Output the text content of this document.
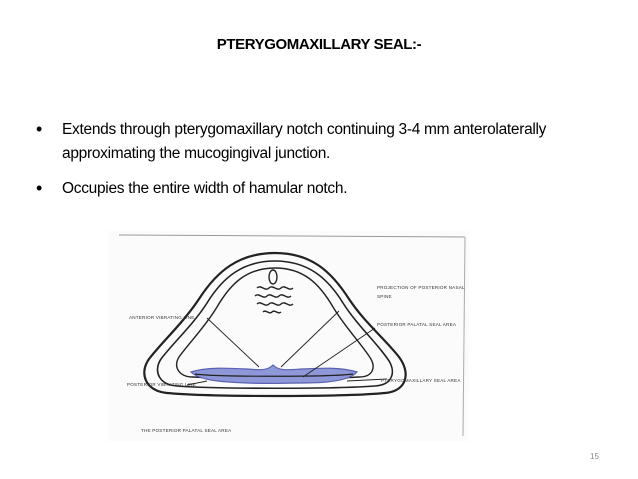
PTERYGOMAXILLARY SEAL:-
• Extends through pterygomaxillary notch continuing 3-4 mm anterolaterally approximating the mucogingival junction.
• Occupies the entire width of hamular notch.
PROJECTION OF POSTERIOR NASAL
SPINE
ANTERIOR VIBRATING LINE
POSTERIOR PALATAL SEAL AREA
POSTERIOR VIBRATING LINE
PTERYGOMAXILLARY SEAL AREA
THE POSTERIOR PALATAL SEAL AREA
15
